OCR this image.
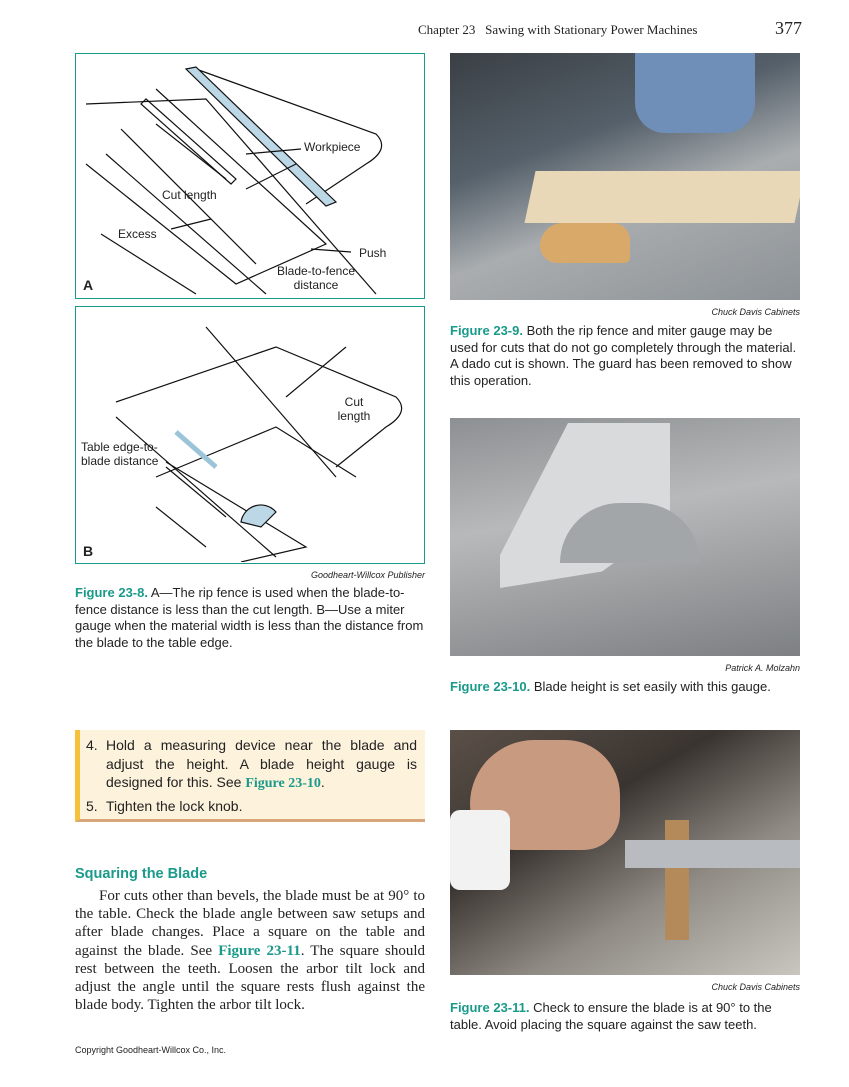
Chapter 23   Sawing with Stationary Power Machines	377
Workpiece
Cut length
Excess
Push
Blade-to-fence distance
A
Cut length
Table edge-to-blade distance
B
Goodheart-Willcox Publisher
Figure 23-8. A—The rip fence is used when the blade-to-fence distance is less than the cut length. B—Use a miter gauge when the material width is less than the distance from the blade to the table edge.
Chuck Davis Cabinets
Figure 23-9. Both the rip fence and miter gauge may be used for cuts that do not go completely through the material. A dado cut is shown. The guard has been removed to show this operation.
Patrick A. Molzahn
Figure 23-10. Blade height is set easily with this gauge.
4. Hold a measuring device near the blade and adjust the height. A blade height gauge is designed for this. See Figure 23-10.
5. Tighten the lock knob.
Squaring the Blade
For cuts other than bevels, the blade must be at 90° to the table. Check the blade angle between saw setups and after blade changes. Place a square on the table and against the blade. See Figure 23-11. The square should rest between the teeth. Loosen the arbor tilt lock and adjust the angle until the square rests flush against the blade body. Tighten the arbor tilt lock.
Chuck Davis Cabinets
Figure 23-11. Check to ensure the blade is at 90° to the table. Avoid placing the square against the saw teeth.
Copyright Goodheart-Willcox Co., Inc.
